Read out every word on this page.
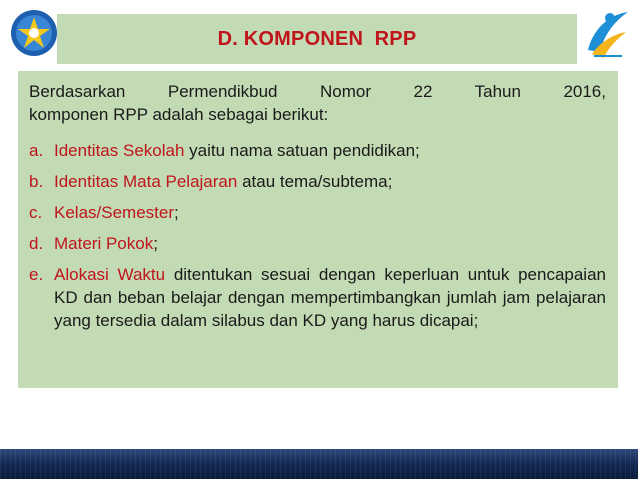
D. KOMPONEN  RPP

Berdasarkan Permendikbud Nomor 22 Tahun 2016,
komponen RPP adalah sebagai berikut:

a. Identitas Sekolah yaitu nama satuan pendidikan;
b. Identitas Mata Pelajaran atau tema/subtema;
c. Kelas/Semester;
d. Materi Pokok;
e. Alokasi Waktu ditentukan sesuai dengan keperluan untuk pencapaian KD dan beban belajar dengan mempertimbangkan jumlah jam pelajaran yang tersedia dalam silabus dan KD yang harus dicapai;
